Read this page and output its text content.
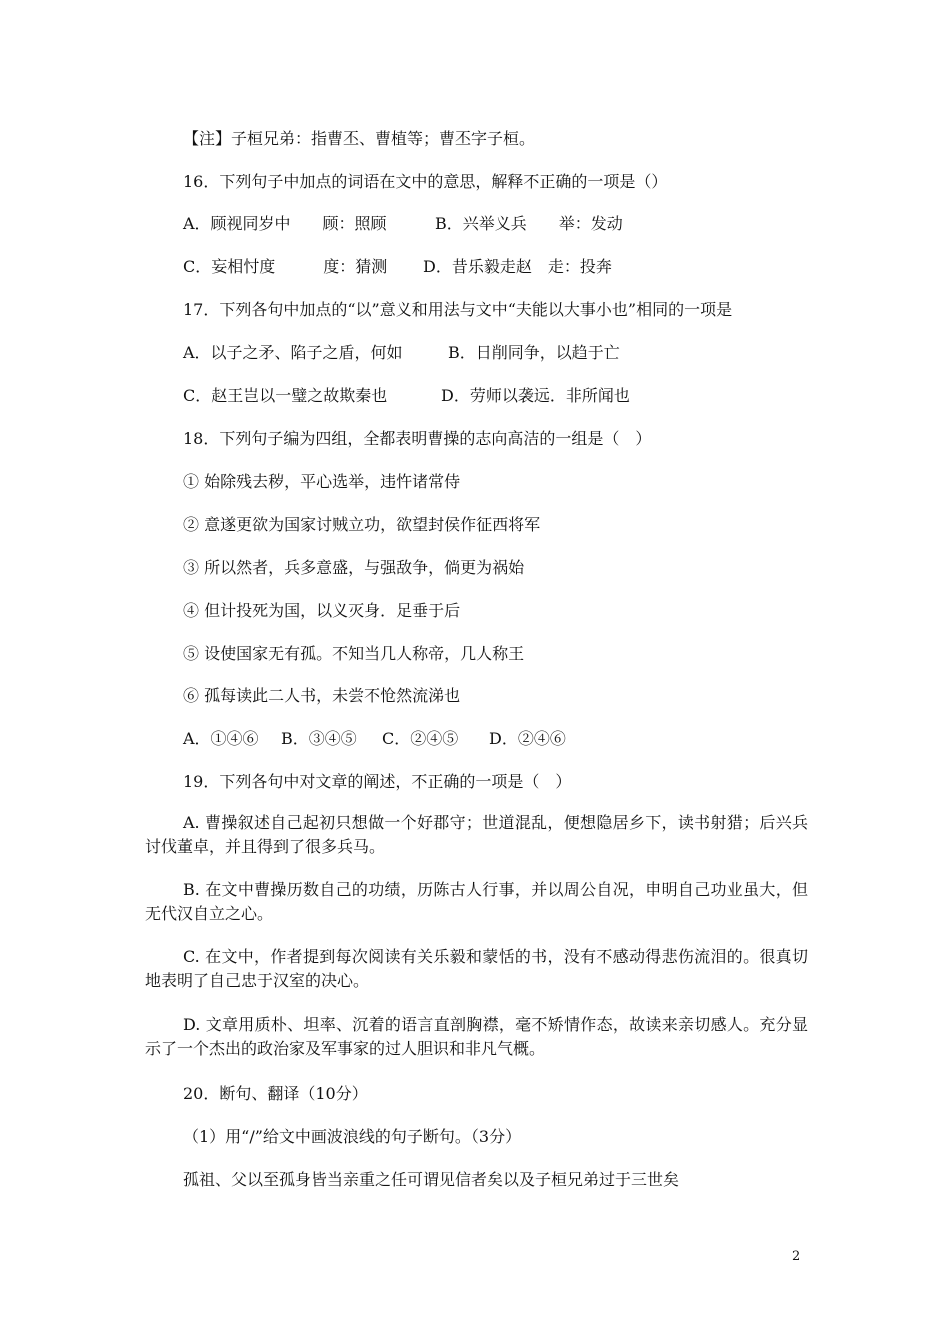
【注】子桓兄弟：指曹丕、曹植等；曹丕字子桓。
16．下列句子中加点的词语在文中的意思，解释不正确的一项是（）
A．顾视同岁中　　顾：照顾	B．兴举义兵　　举：发动
C．妄相忖度　　　度：猜测 D．昔乐毅走赵　走：投奔
17．下列各句中加点的“以”意义和用法与文中“夫能以大事小也”相同的一项是
A．以子之矛、陷子之盾，何如	B．日削同争，以趋于亡
C．赵王岂以一璧之故欺秦也	D．劳师以袭远．非所闻也
18．下列句子编为四组，全都表明曹操的志向高洁的一组是（　）
① 始除残去秽，平心选举，违忤诸常侍
② 意遂更欲为国家讨贼立功，欲望封侯作征西将军
③ 所以然者，兵多意盛，与强敌争，倘更为祸始
④ 但计投死为国，以义灭身．足垂于后
⑤ 设使国家无有孤。不知当几人称帝，几人称王
⑥ 孤每读此二人书，未尝不怆然流涕也
A．①④⑥ B．③④⑤ C．②④⑤ D．②④⑥
19．下列各句中对文章的阐述，不正确的一项是（　）
A. 曹操叙述自己起初只想做一个好郡守；世道混乱，便想隐居乡下，读书射猎；后兴兵讨伐董卓，并且得到了很多兵马。
B. 在文中曹操历数自己的功绩，历陈古人行事，并以周公自况，申明自己功业虽大，但无代汉自立之心。
C. 在文中，作者提到每次阅读有关乐毅和蒙恬的书，没有不感动得悲伤流泪的。很真切地表明了自己忠于汉室的决心。
D. 文章用质朴、坦率、沉着的语言直剖胸襟，毫不矫情作态，故读来亲切感人。充分显示了一个杰出的政治家及军事家的过人胆识和非凡气概。
20．断句、翻译（10分）
（1）用“/”给文中画波浪线的句子断句。（3分）
孤祖、父以至孤身皆当亲重之任可谓见信者矣以及子桓兄弟过于三世矣
2
